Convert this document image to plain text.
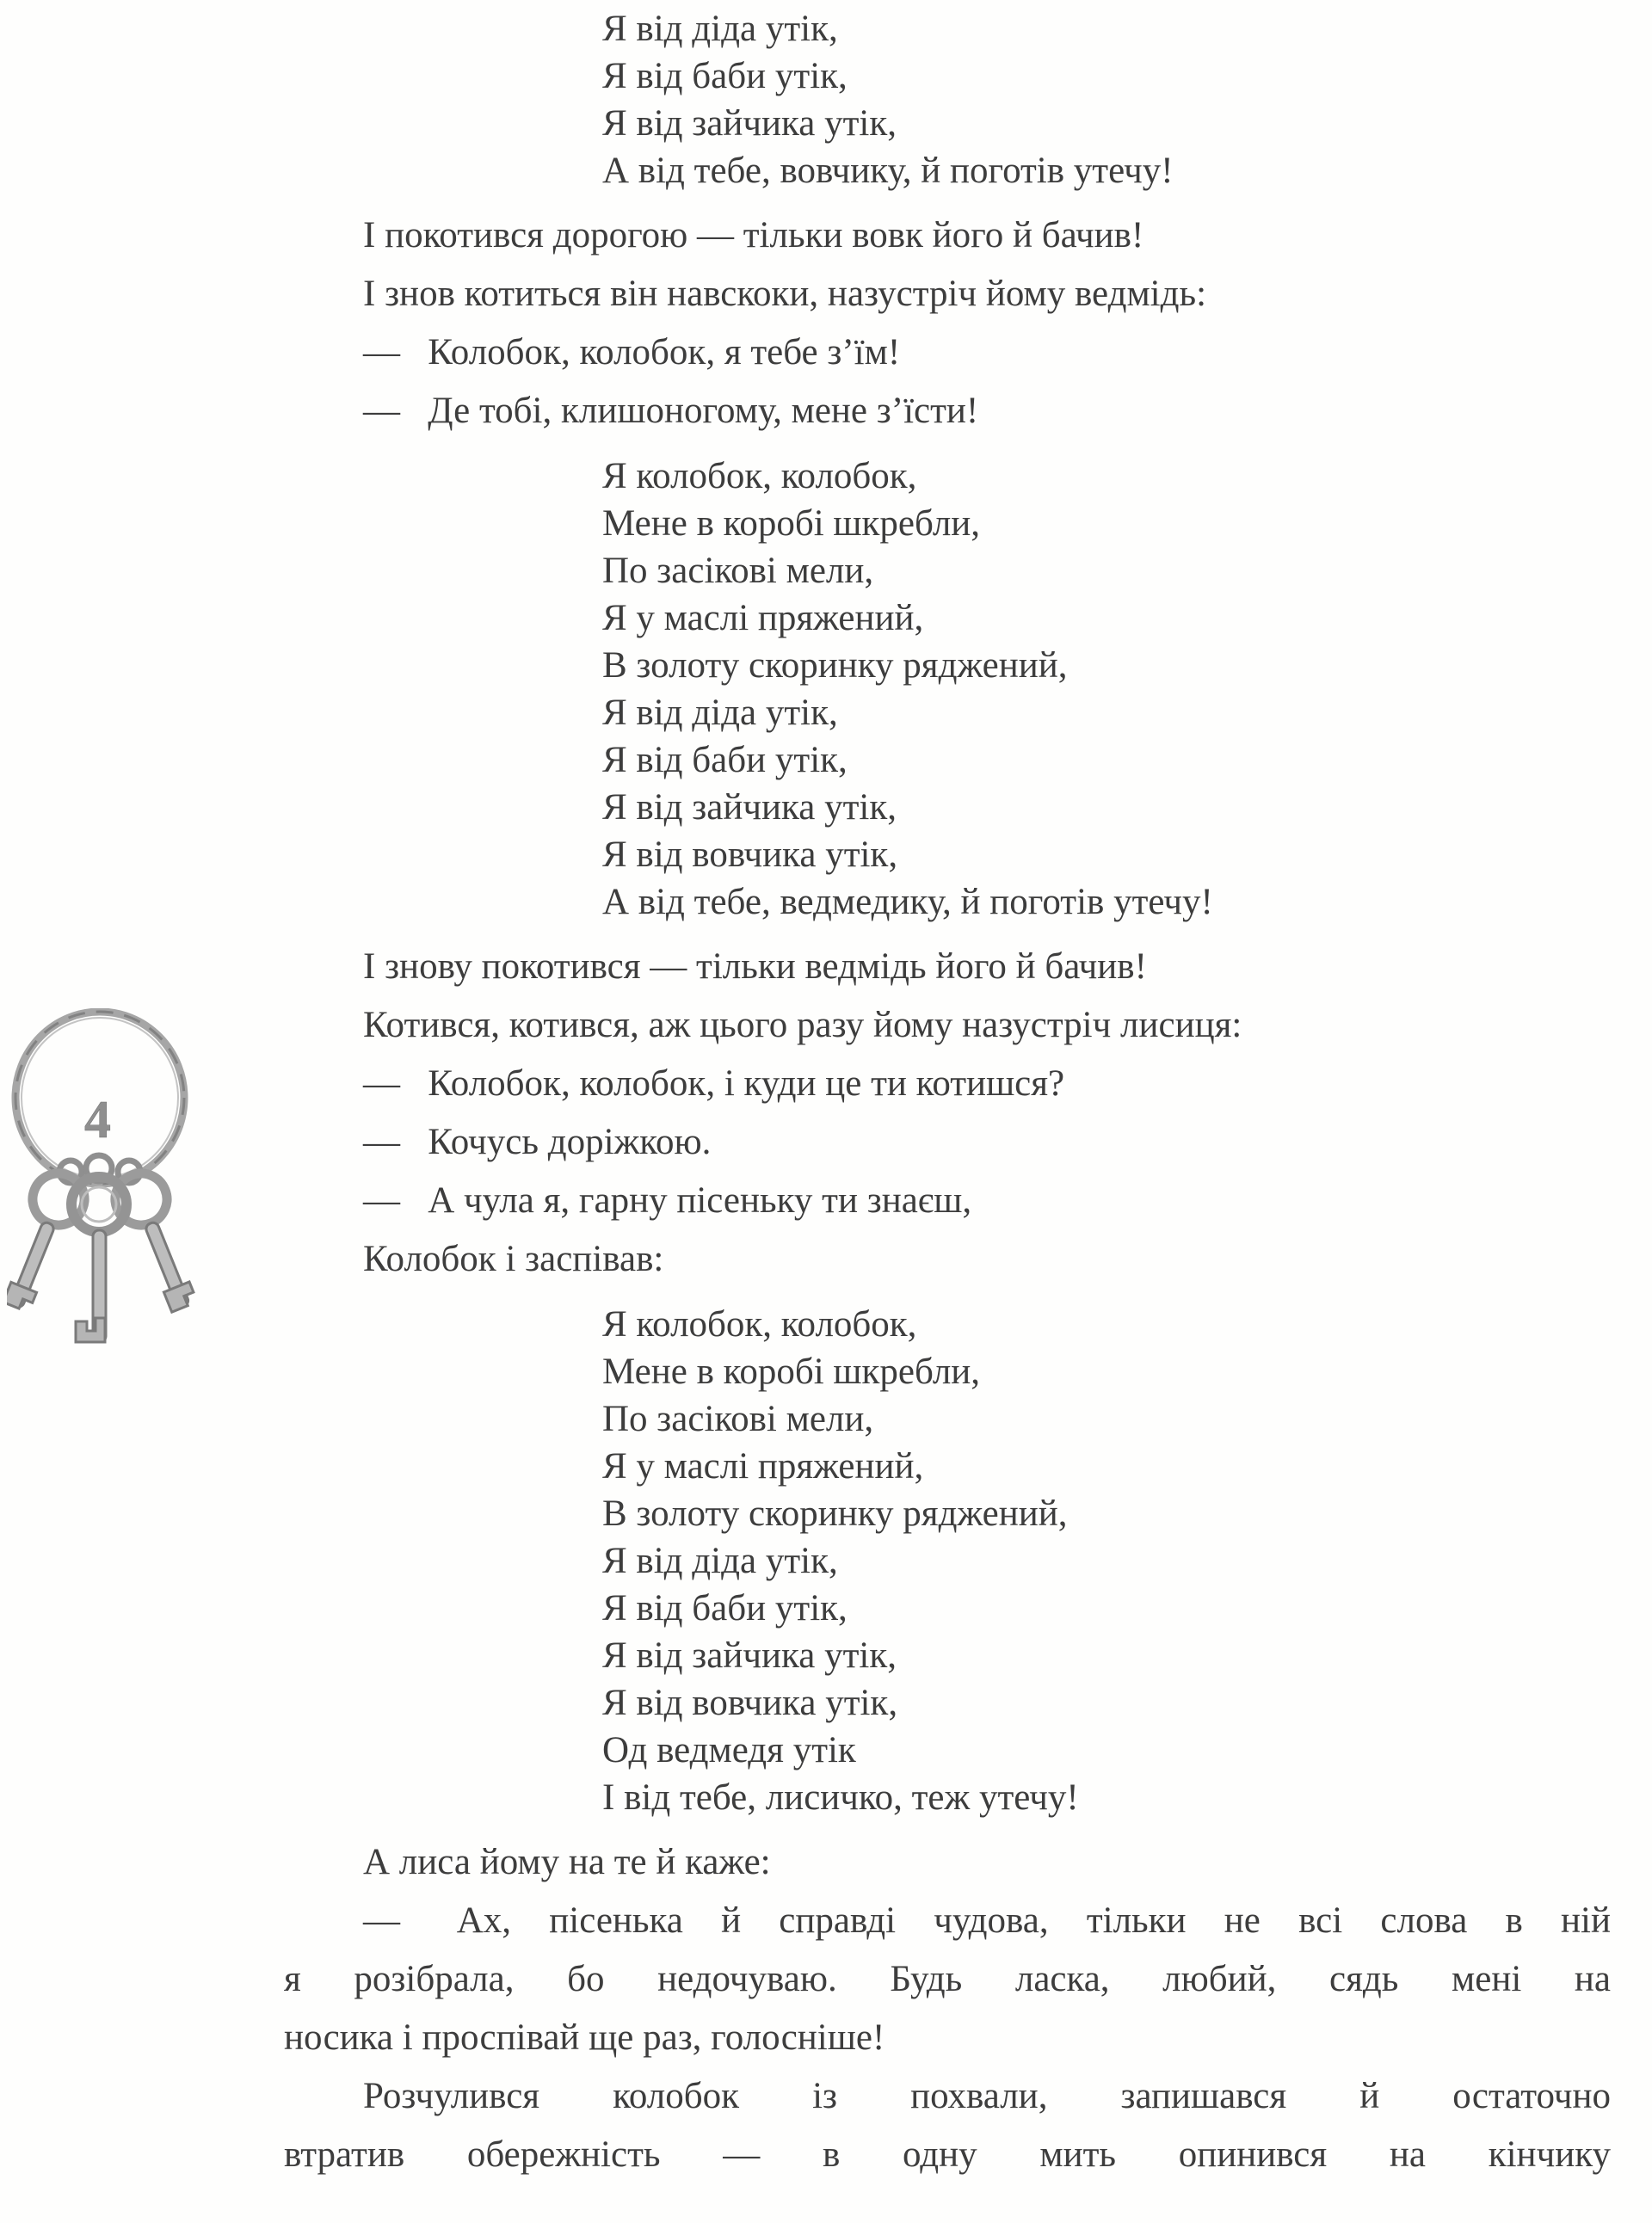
4
Я від діда утік,
Я від баби утік,
Я від зайчика утік,
А від тебе, вовчику, й поготів утечу!
І покотився дорогою — тільки вовк його й бачив!
І знов котиться він навскоки, назустріч йому ведмідь:
—  Колобок, колобок, я тебе з’їм!
—  Де тобі, клишоногому, мене з’їсти!
Я колобок, колобок,
Мене в коробі шкребли,
По засікові мели,
Я у маслі пряжений,
В золоту скоринку ряджений,
Я від діда утік,
Я від баби утік,
Я від зайчика утік,
Я від вовчика утік,
А від тебе, ведмедику, й поготів утечу!
І знову покотився — тільки ведмідь його й бачив!
Котився, котився, аж цього разу йому назустріч лисиця:
—  Колобок, колобок, і куди це ти котишся?
—  Кочусь доріжкою.
—  А чула я, гарну пісеньку ти знаєш,
Колобок і заспівав:
Я колобок, колобок,
Мене в коробі шкребли,
По засікові мели,
Я у маслі пряжений,
В золоту скоринку ряджений,
Я від діда утік,
Я від баби утік,
Я від зайчика утік,
Я від вовчика утік,
Од ведмедя утік
І від тебе, лисичко, теж утечу!
А лиса йому на те й каже:
—  Ах, пісенька й справді чудова, тільки не всі слова в ній
я розібрала, бо недочуваю. Будь ласка, любий, сядь мені на
носика і проспівай ще раз, голосніше!
Розчулився колобок із похвали, запишався й остаточно
втратив обережність — в одну мить опинився на кінчику
